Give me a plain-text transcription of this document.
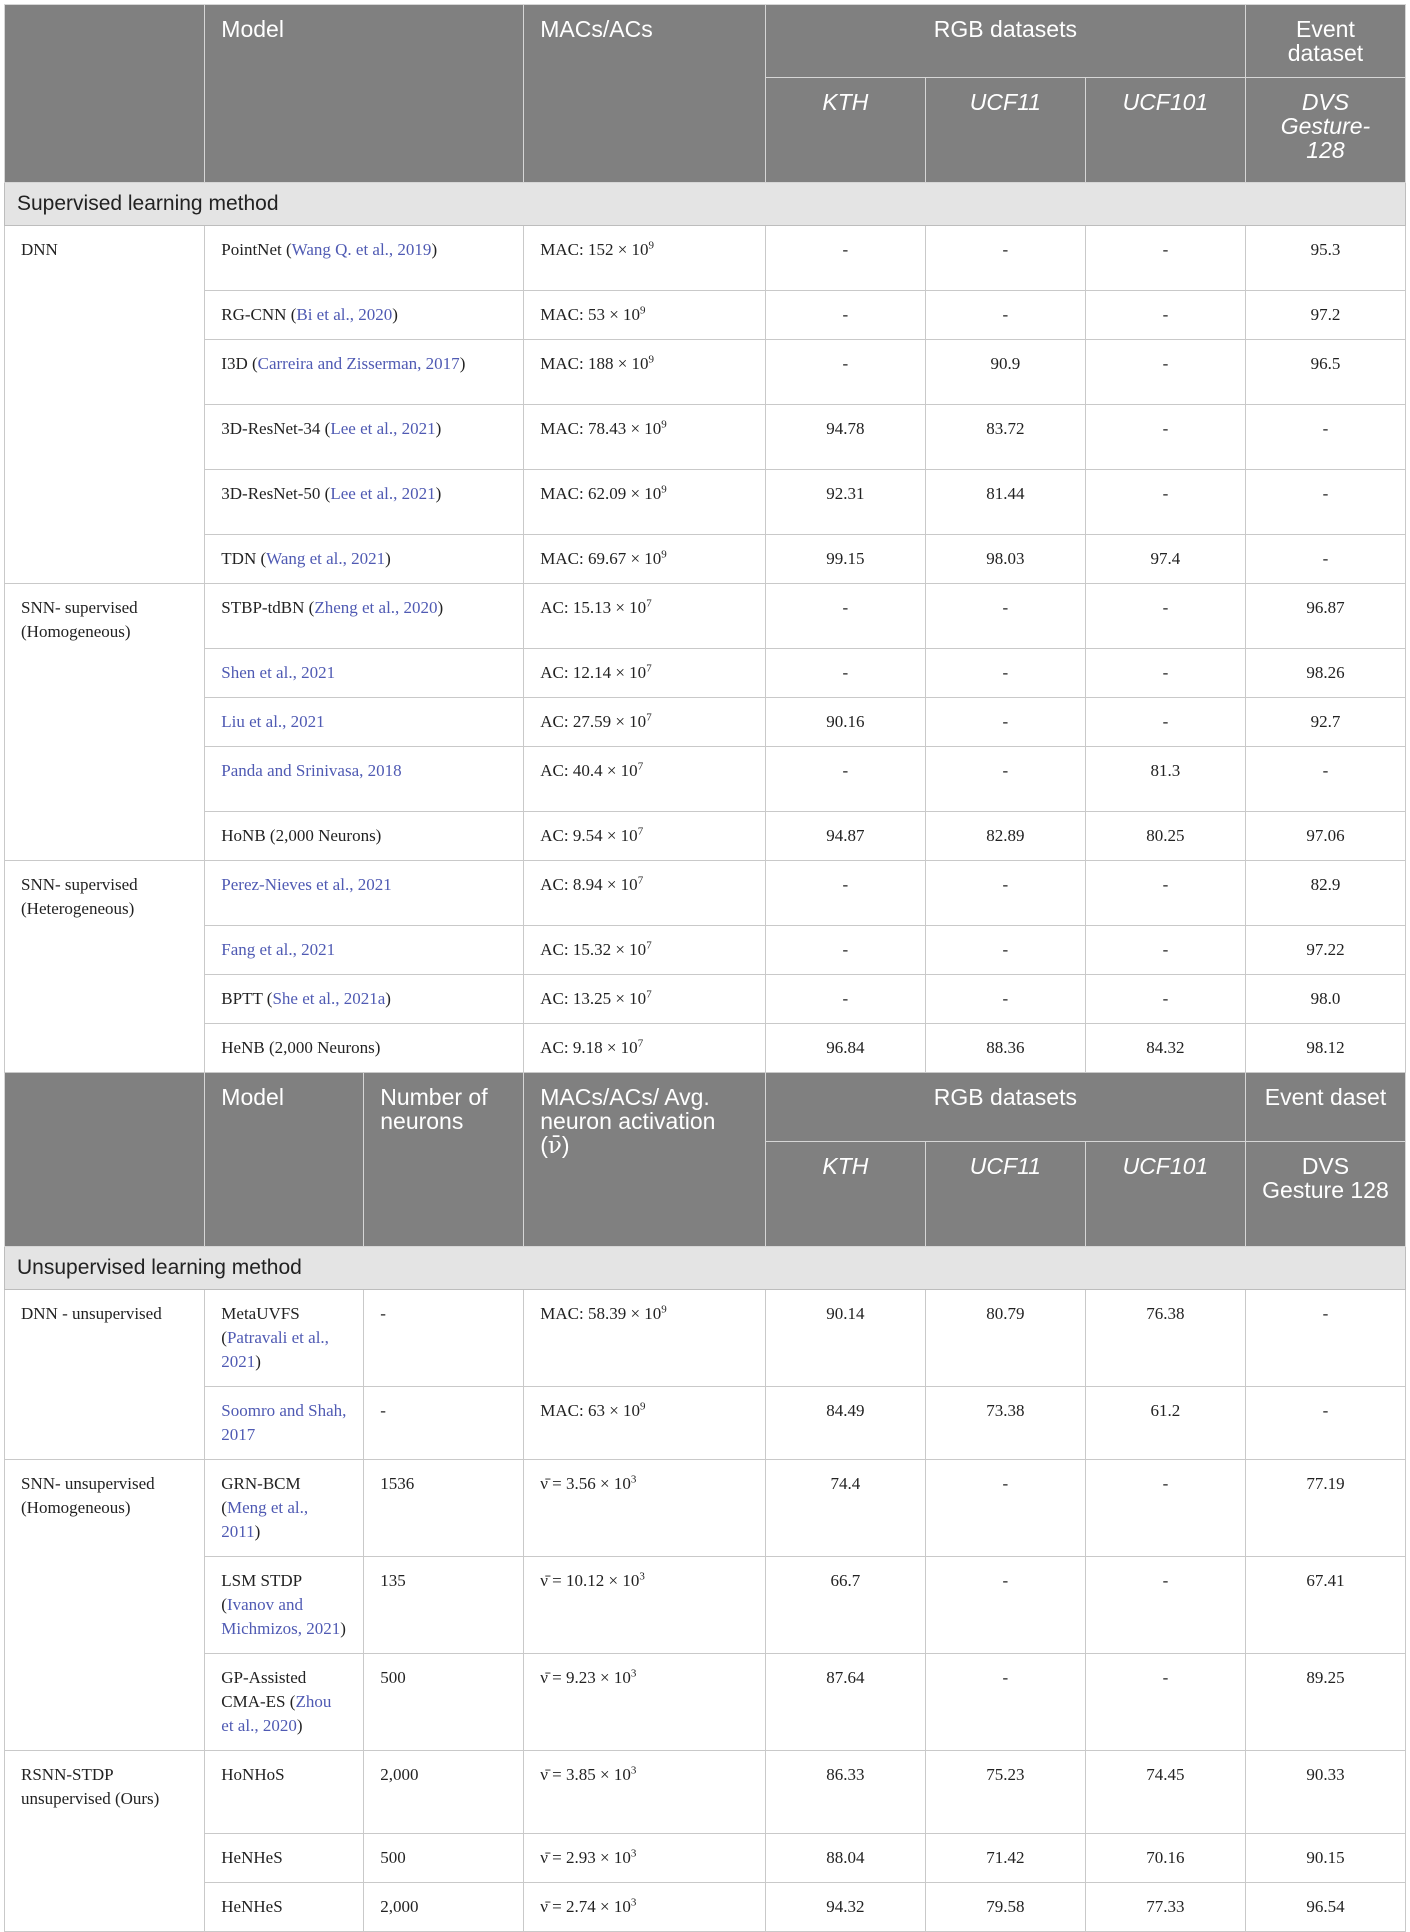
	Model		MACs/ACs	RGB datasets			Event dataset
				KTH	UCF11	UCF101	DVS Gesture-128
Supervised learning method							
DNN	PointNet (Wang Q. et al., 2019)		MAC: $152 \times 10^9$	-	-	-	95.3
	RG-CNN (Bi et al., 2020)		MAC: $53 \times 10^9$	-	-	-	97.2
	I3D (Carreira and Zisserman, 2017)		MAC: $188 \times 10^9$	-	90.9	-	96.5
	3D-ResNet-34 (Lee et al., 2021)		MAC: $78.43 \times 10^9$	94.78	83.72	-	-
	3D-ResNet-50 (Lee et al., 2021)		MAC: $62.09 \times 10^9$	92.31	81.44	-	-
	TDN (Wang et al., 2021)		MAC: $69.67 \times 10^9$	99.15	98.03	97.4	-
SNN- supervised (Homogeneous)	STBP-tdBN (Zheng et al., 2020)		AC: $15.13 \times 10^7$	-	-	-	96.87
	Shen et al., 2021		AC: $12.14 \times 10^7$	-	-	-	98.26
	Liu et al., 2021		AC: $27.59 \times 10^7$	90.16	-	-	92.7
	Panda and Srinivasa, 2018		AC: $40.4 \times 10^7$	-	-	81.3	-
	HoNB (2,000 Neurons)		AC: $9.54 \times 10^7$	94.87	82.89	80.25	97.06
SNN- supervised (Heterogeneous)	Perez-Nieves et al., 2021		AC: $8.94 \times 10^7$	-	-	-	82.9
	Fang et al., 2021		AC: $15.32 \times 10^7$	-	-	-	97.22
	BPTT (She et al., 2021a)		AC: $13.25 \times 10^7$	-	-	-	98.0
	HeNB (2,000 Neurons)		AC: $9.18 \times 10^7$	96.84	88.36	84.32	98.12
	Model	Number of neurons	MACs/ACs/ Avg. neuron activation (ν̄)	RGB datasets			Event daset
				KTH	UCF11	UCF101	DVS Gesture 128
Unsupervised learning method							
DNN - unsupervised	MetaUVFS (Patravali et al., 2021)	-	MAC: $58.39 \times 10^9$	90.14	80.79	76.38	-
	Soomro and Shah, 2017	-	MAC: $63 \times 10^9$	84.49	73.38	61.2	-
SNN- unsupervised (Homogeneous)	GRN-BCM (Meng et al., 2011)	1536	ν̄ = $3.56 \times 10^3$	74.4	-	-	77.19
	LSM STDP (Ivanov and Michmizos, 2021)	135	ν̄ = $10.12 \times 10^3$	66.7	-	-	67.41
	GP-Assisted CMA-ES (Zhou et al., 2020)	500	ν̄ = $9.23 \times 10^3$	87.64	-	-	89.25
RSNN-STDP unsupervised (Ours)	HoNHoS	2,000	ν̄ = $3.85 \times 10^3$	86.33	75.23	74.45	90.33
	HeNHeS	500	ν̄ = $2.93 \times 10^3$	88.04	71.42	70.16	90.15
	HeNHeS	2,000	ν̄ = $2.74 \times 10^3$	94.32	79.58	77.33	96.54
